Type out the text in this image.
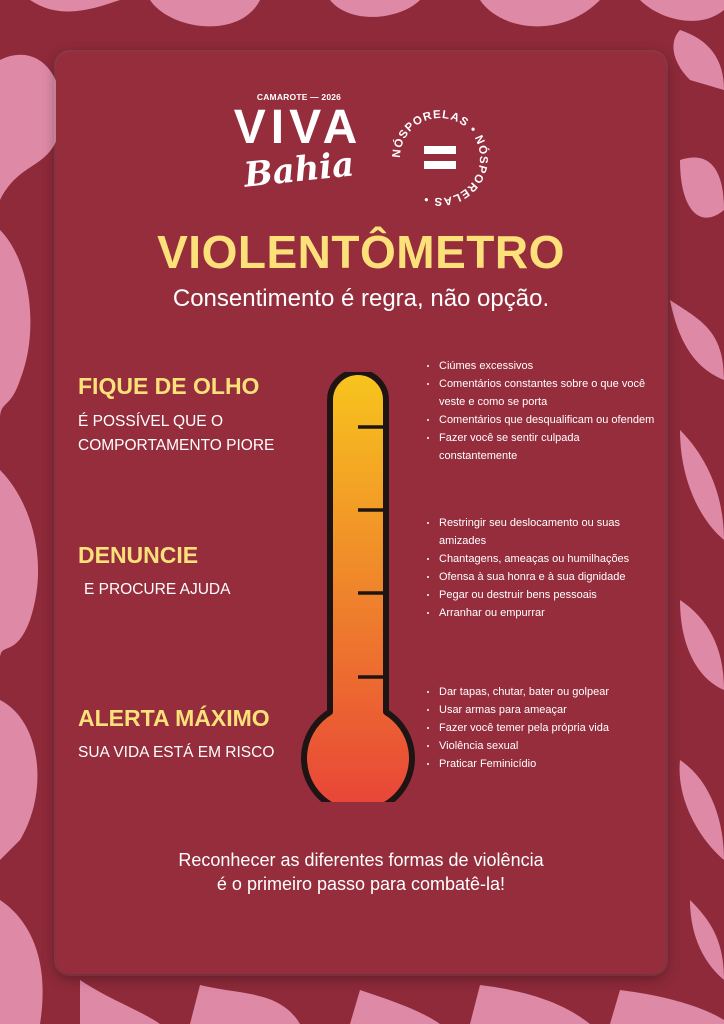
CAMAROTE — 2026
VIVA
Bahia	NÓSPORELAS • NÓSPORELAS •
VIOLENTÔMETRO
Consentimento é regra, não opção.
FIQUE DE OLHO
É POSSÍVEL QUE O
COMPORTAMENTO PIORE
DENUNCIE
E PROCURE AJUDA
ALERTA MÁXIMO
SUA VIDA ESTÁ EM RISCO
Ciúmes excessivos
Comentários constantes sobre o que você veste e como se porta
Comentários que desqualificam ou ofendem
Fazer você se sentir culpada constantemente
Restringir seu deslocamento ou suas amizades
Chantagens, ameaças ou humilhações
Ofensa à sua honra e à sua dignidade
Pegar ou destruir bens pessoais
Arranhar ou empurrar
Dar tapas, chutar, bater ou golpear
Usar armas para ameaçar
Fazer você temer pela própria vida
Violência sexual
Praticar Feminicídio
Reconhecer as diferentes formas de violência
é o primeiro passo para combatê-la!
